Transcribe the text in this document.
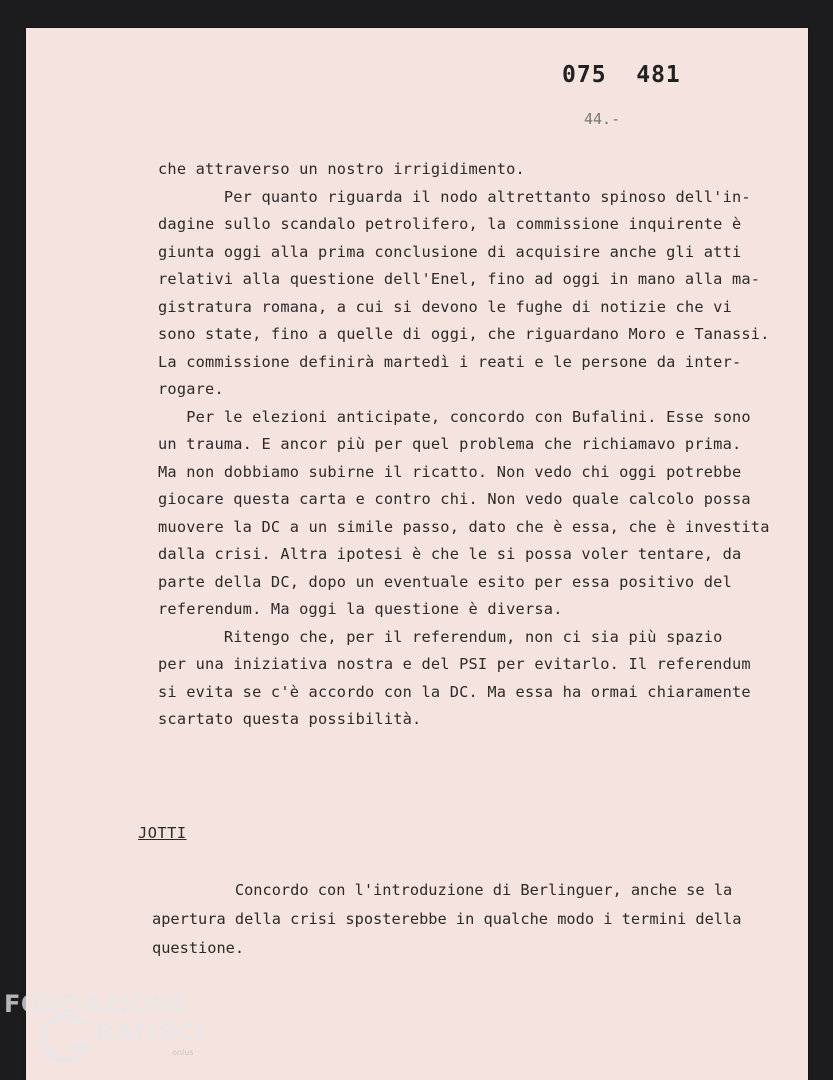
075  481
44.-
che attraverso un nostro irrigidimento.
Per quanto riguarda il nodo altrettanto spinoso dell'in-
dagine sullo scandalo petrolifero, la commissione inquirente è
giunta oggi alla prima conclusione di acquisire anche gli atti
relativi alla questione dell'Enel, fino ad oggi in mano alla ma-
gistratura romana, a cui si devono le fughe di notizie che vi
sono state, fino a quelle di oggi, che riguardano Moro e Tanassi.
La commissione definirà martedì i reati e le persone da inter-
rogare.
Per le elezioni anticipate, concordo con Bufalini. Esse sono
un trauma. E ancor più per quel problema che richiamavo prima.
Ma non dobbiamo subirne il ricatto. Non vedo chi oggi potrebbe
giocare questa carta e contro chi. Non vedo quale calcolo possa
muovere la DC a un simile passo, dato che è essa, che è investita
dalla crisi. Altra ipotesi è che le si possa voler tentare, da
parte della DC, dopo un eventuale esito per essa positivo del
referendum. Ma oggi la questione è diversa.
Ritengo che, per il referendum, non ci sia più spazio
per una iniziativa nostra e del PSI per evitarlo. Il referendum
si evita se c'è accordo con la DC. Ma essa ha ormai chiaramente
scartato questa possibilità.
JOTTI
Concordo con l'introduzione di Berlinguer, anche se la
apertura della crisi sposterebbe in qualche modo i termini della
questione.
FONDAZIONE
RAMSCI
onlus
